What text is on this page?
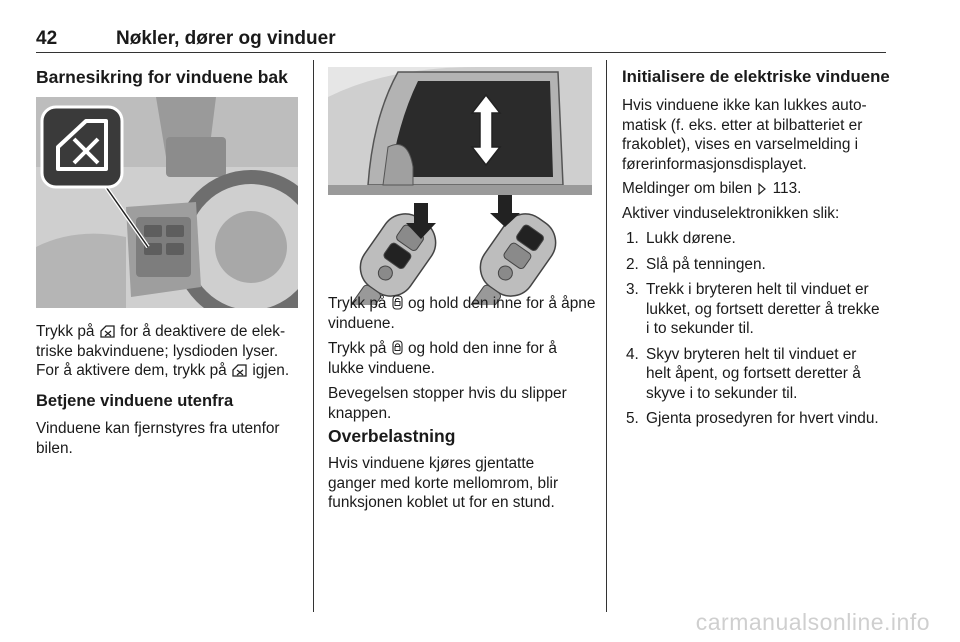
42	Nøkler, dører og vinduer
Barnesikring for vinduene bak
Trykk på for å deaktivere de elek-
triske bakvinduene; lysdioden lyser.
For å aktivere dem, trykk på igjen.
Betjene vinduene utenfra
Vinduene kan fjernstyres fra utenfor
bilen.
Trykk på og hold den inne for å åpne
vinduene.
Trykk på og hold den inne for å
lukke vinduene.
Bevegelsen stopper hvis du slipper
knappen.
Overbelastning
Hvis vinduene kjøres gjentatte
ganger med korte mellomrom, blir
funksjonen koblet ut for en stund.
Initialisere de elektriske vinduene
Hvis vinduene ikke kan lukkes auto-
matisk (f. eks. etter at bilbatteriet er
frakoblet), vises en varselmelding i
førerinformasjonsdisplayet.
Meldinger om bilen 113.
Aktiver vinduselektronikken slik:
1. Lukk dørene.
2. Slå på tenningen.
3. Trekk i bryteren helt til vinduet er
lukket, og fortsett deretter å trekke
i to sekunder til.
4. Skyv bryteren helt til vinduet er
helt åpent, og fortsett deretter å
skyve i to sekunder til.
5. Gjenta prosedyren for hvert vindu.
carmanualsonline.info
